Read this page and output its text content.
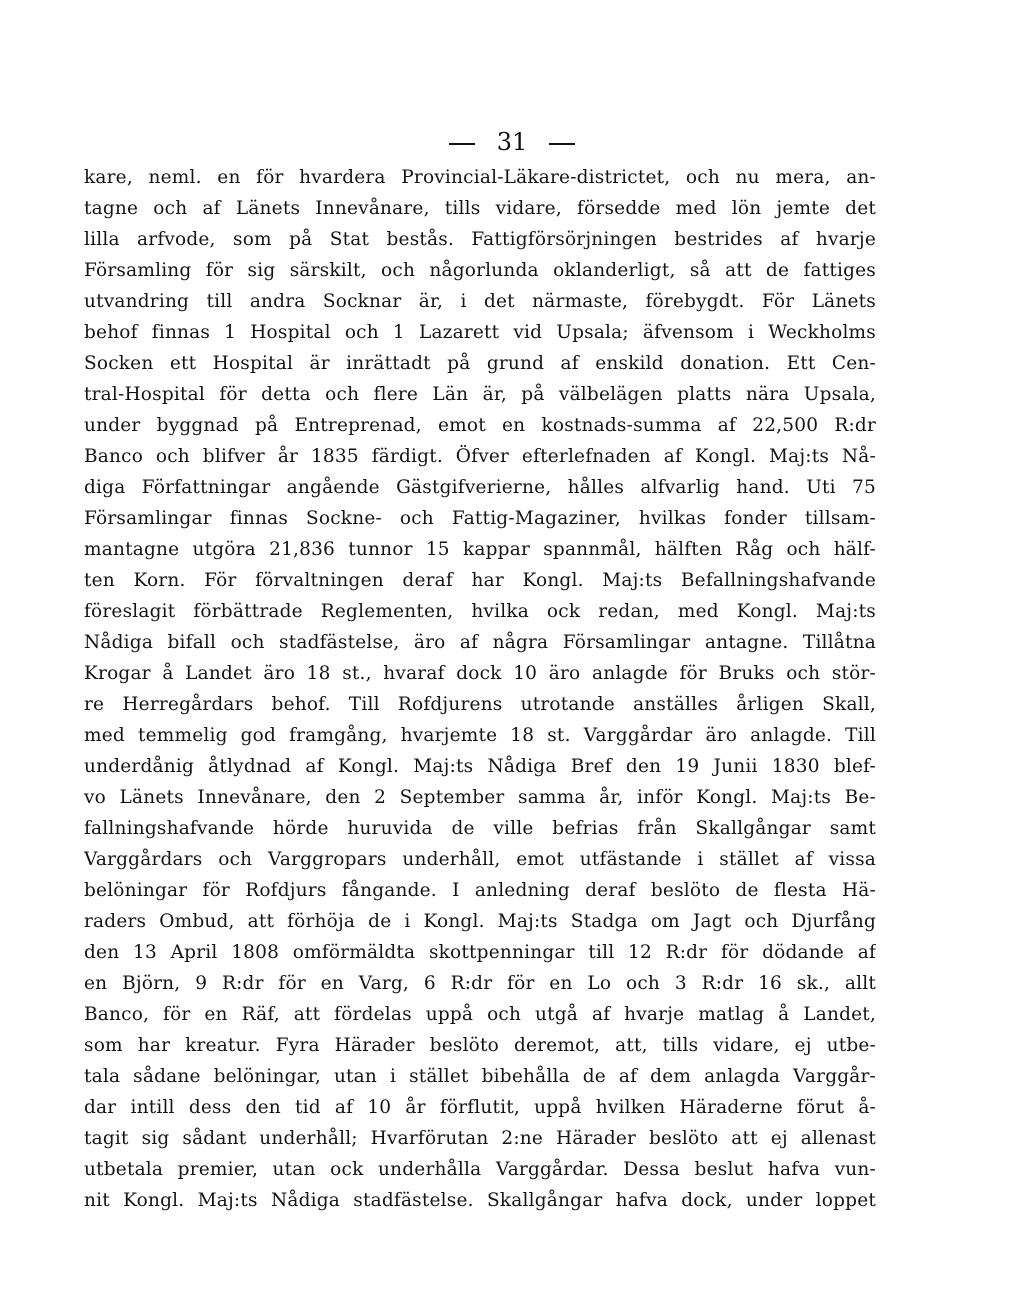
31
kare, neml. en för hvardera Provincial-Läkare-districtet, och nu mera, an-
tagne och af Länets Innevånare, tills vidare, försedde med lön jemte det
lilla arfvode, som på Stat bestås. Fattigförsörjningen bestrides af hvarje
Församling för sig särskilt, och någorlunda oklanderligt, så att de fattiges
utvandring till andra Socknar är, i det närmaste, förebygdt. För Länets
behof finnas 1 Hospital och 1 Lazarett vid Upsala; äfvensom i Weckholms
Socken ett Hospital är inrättadt på grund af enskild donation. Ett Cen-
tral-Hospital för detta och flere Län är, på välbelägen platts nära Upsala,
under byggnad på Entreprenad, emot en kostnads-summa af 22,500 R:dr
Banco och blifver år 1835 färdigt. Öfver efterlefnaden af Kongl. Maj:ts Nå-
diga Författningar angående Gästgifverierne, hålles alfvarlig hand. Uti 75
Församlingar finnas Sockne- och Fattig-Magaziner, hvilkas fonder tillsam-
mantagne utgöra 21,836 tunnor 15 kappar spannmål, hälften Råg och hälf-
ten Korn. För förvaltningen deraf har Kongl. Maj:ts Befallningshafvande
föreslagit förbättrade Reglementen, hvilka ock redan, med Kongl. Maj:ts
Nådiga bifall och stadfästelse, äro af några Församlingar antagne. Tillåtna
Krogar å Landet äro 18 st., hvaraf dock 10 äro anlagde för Bruks och stör-
re Herregårdars behof. Till Rofdjurens utrotande anställes årligen Skall,
med temmelig god framgång, hvarjemte 18 st. Varggårdar äro anlagde. Till
underdånig åtlydnad af Kongl. Maj:ts Nådiga Bref den 19 Junii 1830 blef-
vo Länets Innevånare, den 2 September samma år, inför Kongl. Maj:ts Be-
fallningshafvande hörde huruvida de ville befrias från Skallgångar samt
Varggårdars och Varggropars underhåll, emot utfästande i stället af vissa
belöningar för Rofdjurs fångande. I anledning deraf beslöto de flesta Hä-
raders Ombud, att förhöja de i Kongl. Maj:ts Stadga om Jagt och Djurfång
den 13 April 1808 omförmäldta skottpenningar till 12 R:dr för dödande af
en Björn, 9 R:dr för en Varg, 6 R:dr för en Lo och 3 R:dr 16 sk., allt
Banco, för en Räf, att fördelas uppå och utgå af hvarje matlag å Landet,
som har kreatur. Fyra Härader beslöto deremot, att, tills vidare, ej utbe-
tala sådane belöningar, utan i stället bibehålla de af dem anlagda Varggår-
dar intill dess den tid af 10 år förflutit, uppå hvilken Häraderne förut å-
tagit sig sådant underhåll; Hvarförutan 2:ne Härader beslöto att ej allenast
utbetala premier, utan ock underhålla Varggårdar. Dessa beslut hafva vun-
nit Kongl. Maj:ts Nådiga stadfästelse. Skallgångar hafva dock, under loppet
